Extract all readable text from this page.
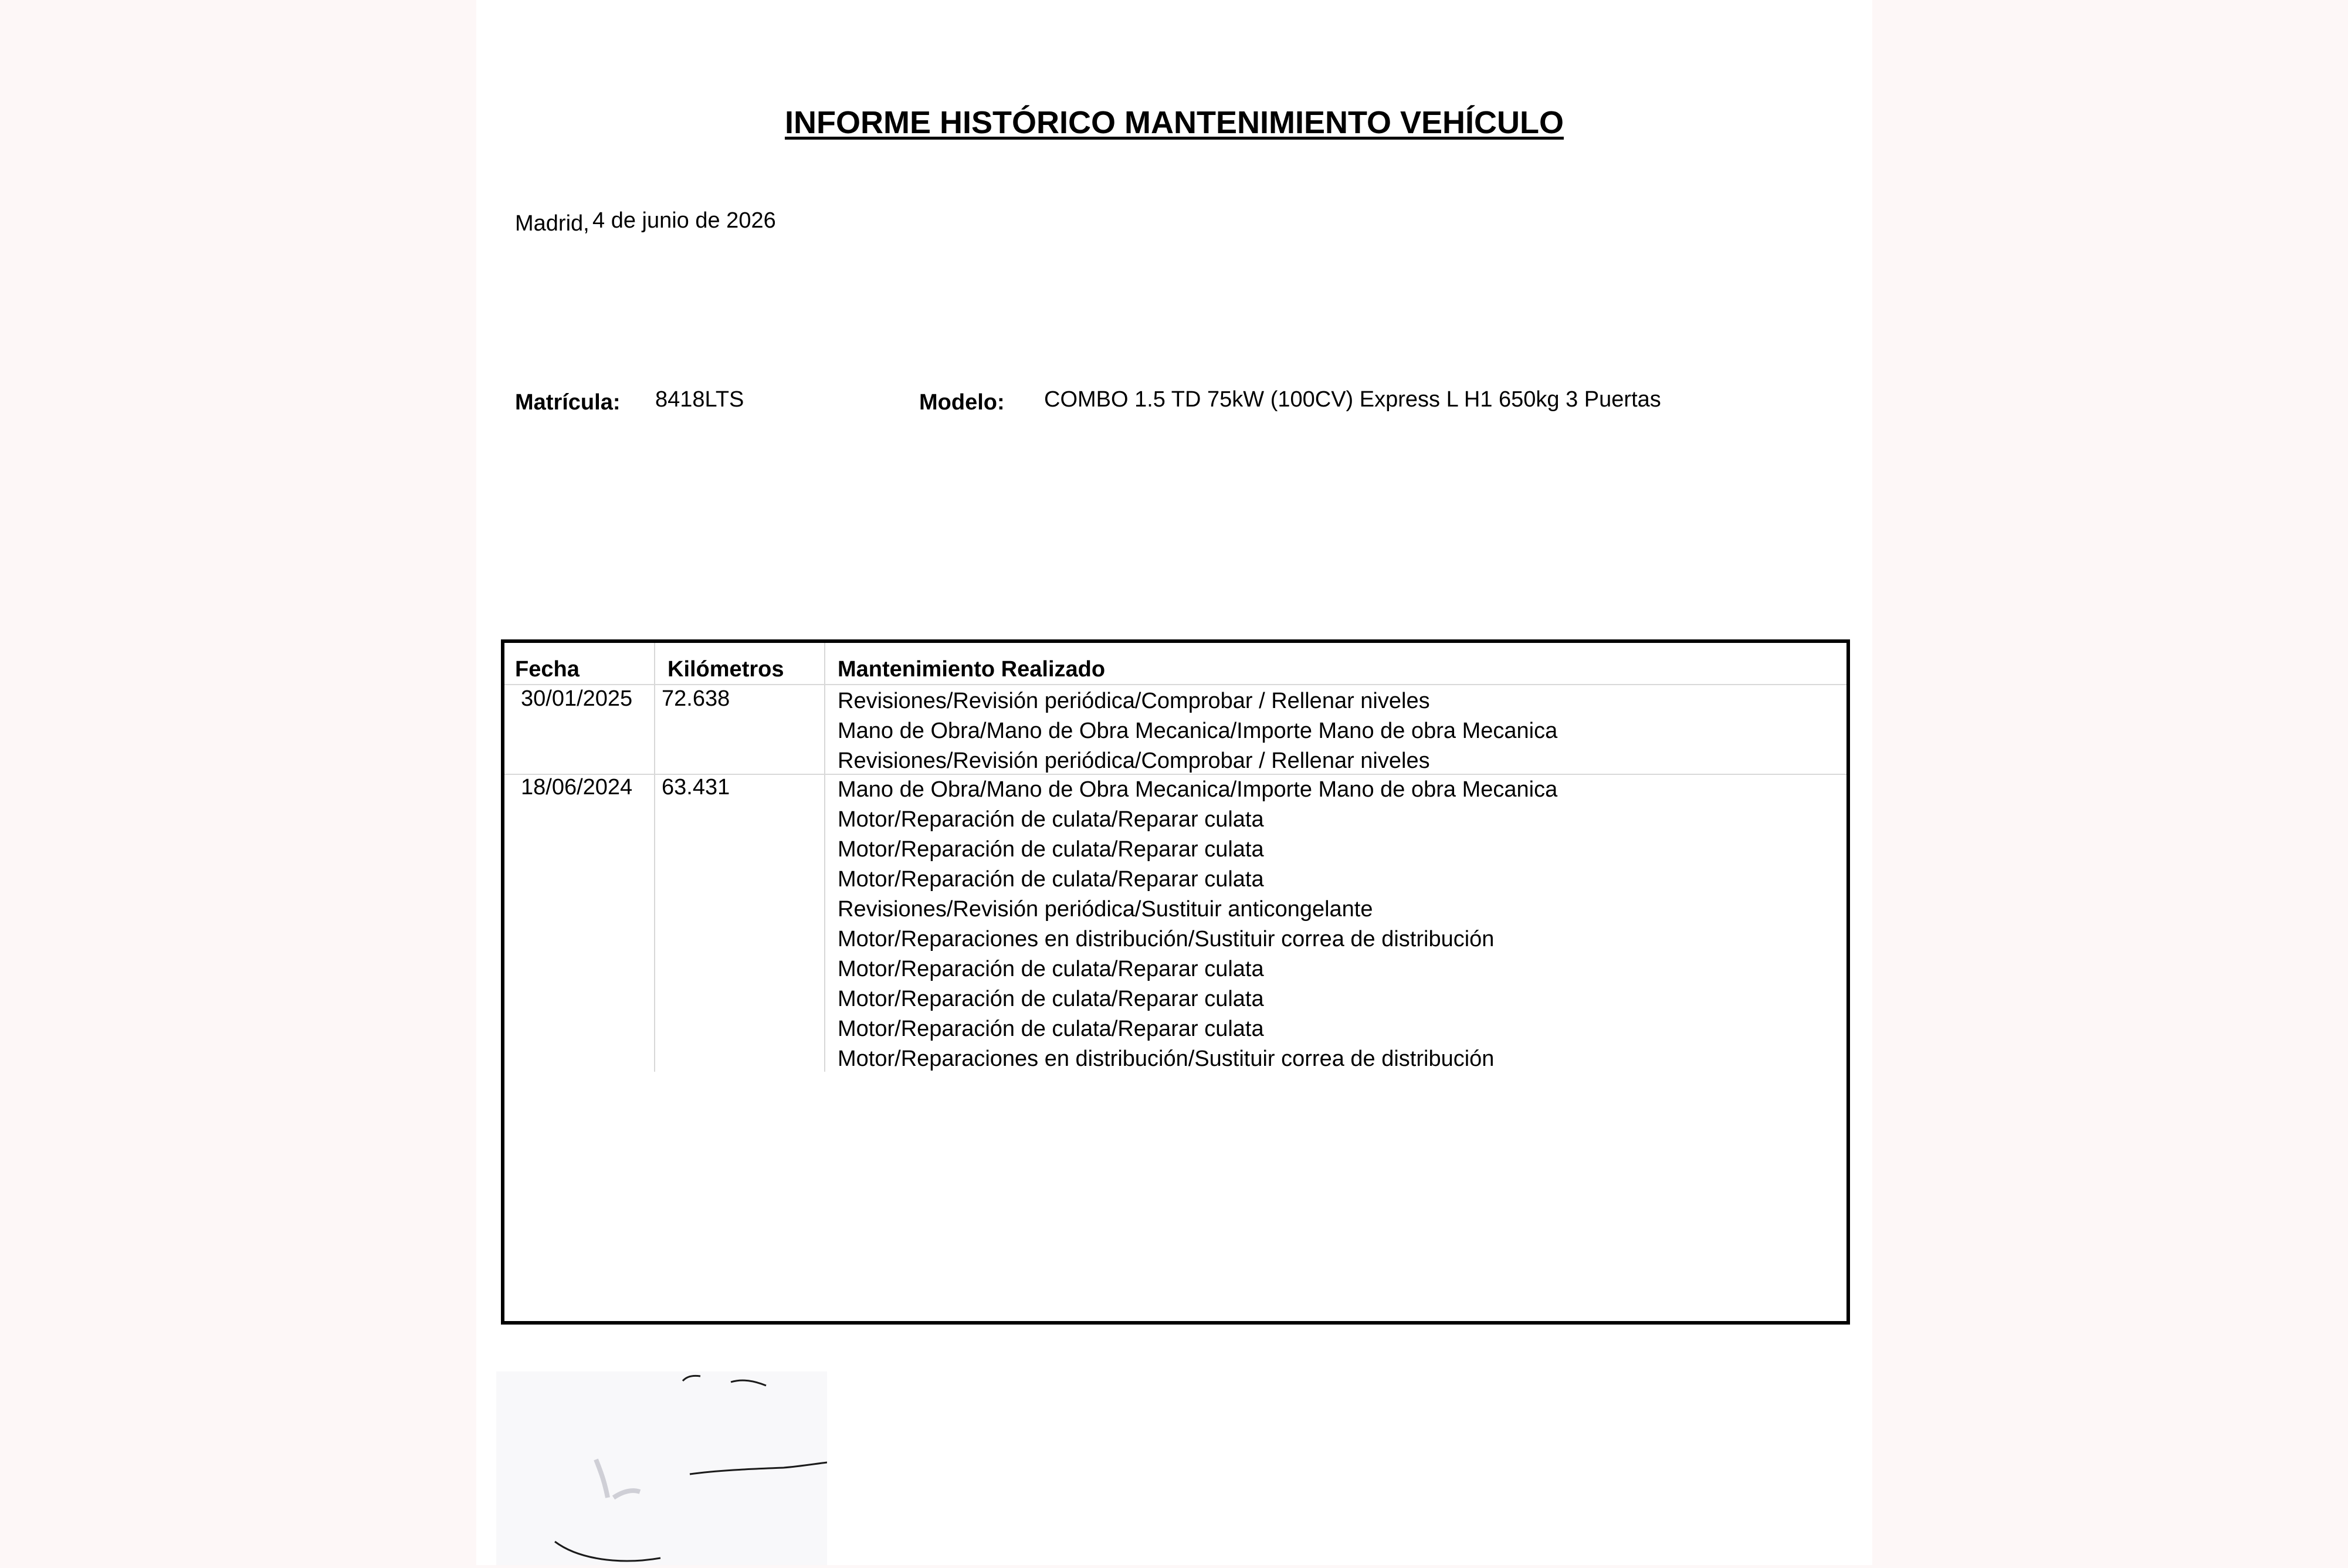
INFORME HISTÓRICO MANTENIMIENTO VEHÍCULO
Madrid, 4 de junio de 2026
Matrícula: 8418LTS	Modelo: COMBO 1.5 TD 75kW (100CV) Express L H1 650kg 3 Puertas
Fecha	Kilómetros Mantenimiento Realizado
30/01/2025 72.638	Revisiones/Revisión periódica/Comprobar / Rellenar niveles
Mano de Obra/Mano de Obra Mecanica/Importe Mano de obra Mecanica
Revisiones/Revisión periódica/Comprobar / Rellenar niveles
18/06/2024 63.431	Mano de Obra/Mano de Obra Mecanica/Importe Mano de obra Mecanica
Motor/Reparación de culata/Reparar culata
Motor/Reparación de culata/Reparar culata
Motor/Reparación de culata/Reparar culata
Revisiones/Revisión periódica/Sustituir anticongelante
Motor/Reparaciones en distribución/Sustituir correa de distribución
Motor/Reparación de culata/Reparar culata
Motor/Reparación de culata/Reparar culata
Motor/Reparación de culata/Reparar culata
Motor/Reparaciones en distribución/Sustituir correa de distribución
